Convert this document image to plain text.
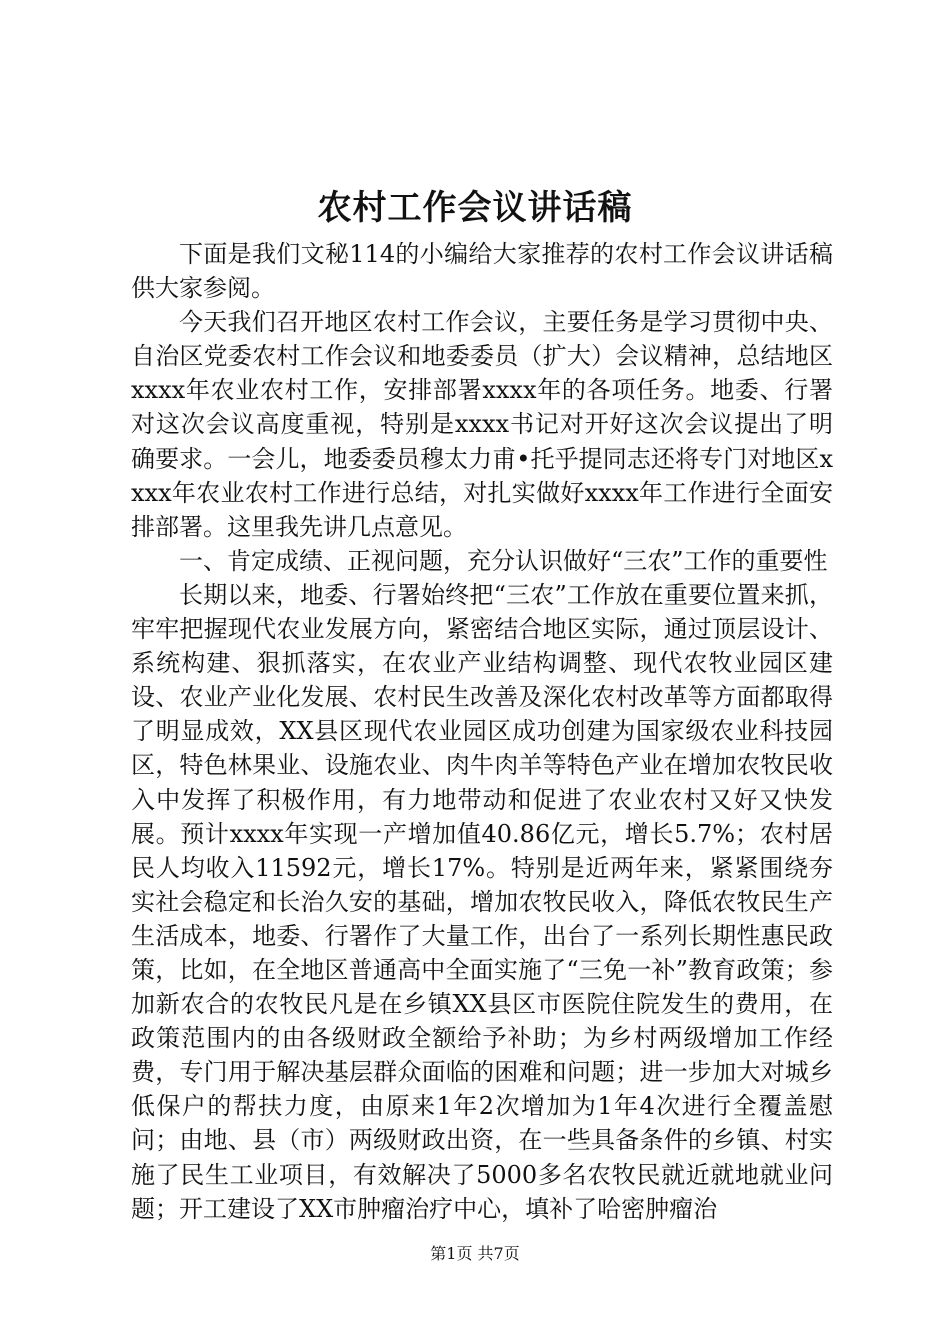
农村工作会议讲话稿

下面是我们文秘114的小编给大家推荐的农村工作会议讲话稿供大家参阅。

今天我们召开地区农村工作会议，主要任务是学习贯彻中央、自治区党委农村工作会议和地委委员（扩大）会议精神，总结地区xxxx年农业农村工作，安排部署xxxx年的各项任务。地委、行署对这次会议高度重视，特别是xxxx书记对开好这次会议提出了明确要求。一会儿，地委委员穆太力甫•托乎提同志还将专门对地区xxxx年农业农村工作进行总结，对扎实做好xxxx年工作进行全面安排部署。这里我先讲几点意见。

一、肯定成绩、正视问题，充分认识做好“三农”工作的重要性

长期以来，地委、行署始终把“三农”工作放在重要位置来抓，牢牢把握现代农业发展方向，紧密结合地区实际，通过顶层设计、系统构建、狠抓落实，在农业产业结构调整、现代农牧业园区建设、农业产业化发展、农村民生改善及深化农村改革等方面都取得了明显成效，XX县区现代农业园区成功创建为国家级农业科技园区，特色林果业、设施农业、肉牛肉羊等特色产业在增加农牧民收入中发挥了积极作用，有力地带动和促进了农业农村又好又快发展。预计xxxx年实现一产增加值40.86亿元，增长5.7%；农村居民人均收入11592元，增长17%。特别是近两年来，紧紧围绕夯实社会稳定和长治久安的基础，增加农牧民收入，降低农牧民生产生活成本，地委、行署作了大量工作，出台了一系列长期性惠民政策，比如，在全地区普通高中全面实施了“三免一补”教育政策；参加新农合的农牧民凡是在乡镇XX县区市医院住院发生的费用，在政策范围内的由各级财政全额给予补助；为乡村两级增加工作经费，专门用于解决基层群众面临的困难和问题；进一步加大对城乡低保户的帮扶力度，由原来1年2次增加为1年4次进行全覆盖慰问；由地、县（市）两级财政出资，在一些具备条件的乡镇、村实施了民生工业项目，有效解决了5000多名农牧民就近就地就业问题；开工建设了XX市肿瘤治疗中心，填补了哈密肿瘤治

第1页 共7页
